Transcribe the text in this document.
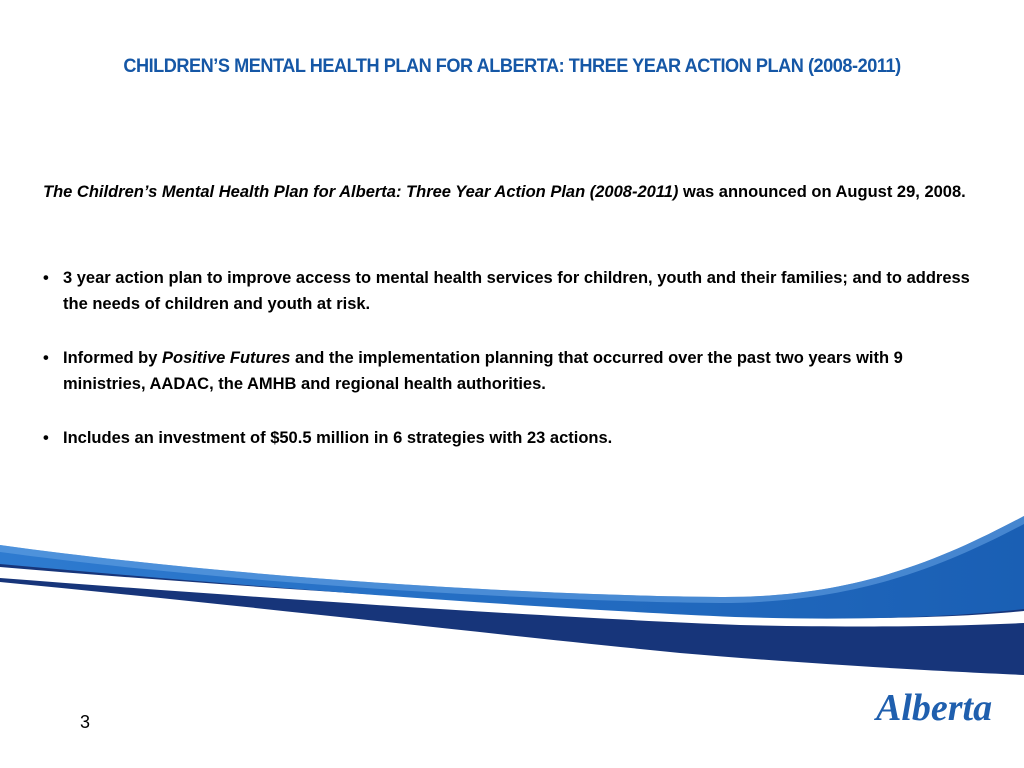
CHILDREN’S MENTAL HEALTH PLAN FOR ALBERTA: THREE YEAR ACTION PLAN (2008-2011)

The Children’s Mental Health Plan for Alberta: Three Year Action Plan (2008-2011) was announced on August 29, 2008.

• 3 year action plan to improve access to mental health services for children, youth and their families; and to address the needs of children and youth at risk.
• Informed by Positive Futures and the implementation planning that occurred over the past two years with 9 ministries, AADAC, the AMHB and regional health authorities.
• Includes an investment of $50.5 million in 6 strategies with 23 actions.
3	Alberta
